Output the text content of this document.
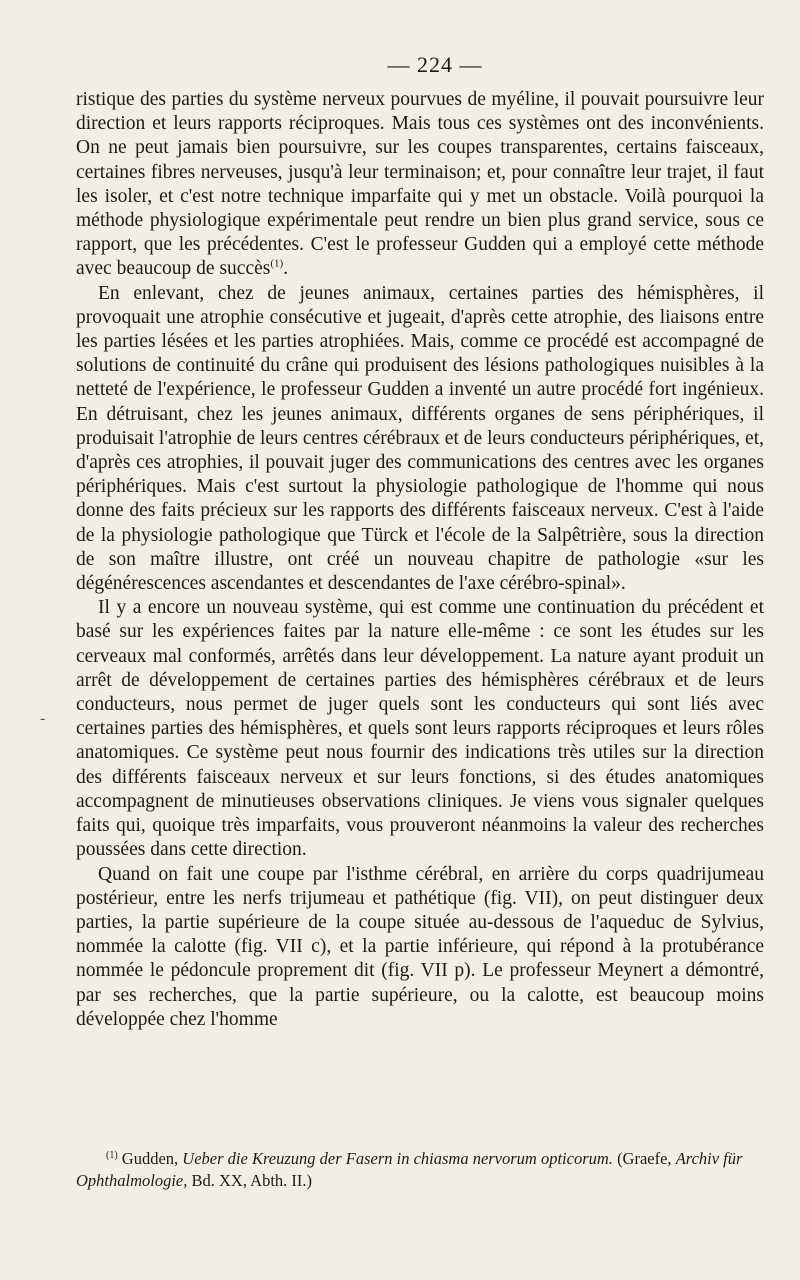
— 224 —

ristique des parties du système nerveux pourvues de myéline, il pouvait poursuivre leur direction et leurs rapports réciproques. Mais tous ces systèmes ont des inconvénients. On ne peut jamais bien poursuivre, sur les coupes transparentes, certains faisceaux, certaines fibres nerveuses, jusqu'à leur terminaison; et, pour connaître leur trajet, il faut les isoler, et c'est notre technique imparfaite qui y met un obstacle. Voilà pourquoi la méthode physiologique expérimentale peut rendre un bien plus grand service, sous ce rapport, que les précédentes. C'est le professeur Gudden qui a employé cette méthode avec beaucoup de succès$^{(1)}$.

En enlevant, chez de jeunes animaux, certaines parties des hémisphères, il provoquait une atrophie consécutive et jugeait, d'après cette atrophie, des liaisons entre les parties lésées et les parties atrophiées. Mais, comme ce procédé est accompagné de solutions de continuité du crâne qui produisent des lésions pathologiques nuisibles à la netteté de l'expérience, le professeur Gudden a inventé un autre procédé fort ingénieux. En détruisant, chez les jeunes animaux, différents organes de sens périphériques, il produisait l'atrophie de leurs centres cérébraux et de leurs conducteurs périphériques, et, d'après ces atrophies, il pouvait juger des communications des centres avec les organes périphériques. Mais c'est surtout la physiologie pathologique de l'homme qui nous donne des faits précieux sur les rapports des différents faisceaux nerveux. C'est à l'aide de la physiologie pathologique que Türck et l'école de la Salpêtrière, sous la direction de son maître illustre, ont créé un nouveau chapitre de pathologie «sur les dégénérescences ascendantes et descendantes de l'axe cérébro-spinal».

Il y a encore un nouveau système, qui est comme une continuation du précédent et basé sur les expériences faites par la nature elle-même : ce sont les études sur les cerveaux mal conformés, arrêtés dans leur développement. La nature ayant produit un arrêt de développement de certaines parties des hémisphères cérébraux et de leurs conducteurs, nous permet de juger quels sont les conducteurs qui sont liés avec certaines parties des hémisphères, et quels sont leurs rapports réciproques et leurs rôles anatomiques. Ce système peut nous fournir des indications très utiles sur la direction des différents faisceaux nerveux et sur leurs fonctions, si des études anatomiques accompagnent de minutieuses observations cliniques. Je viens vous signaler quelques faits qui, quoique très imparfaits, vous prouveront néanmoins la valeur des recherches poussées dans cette direction.

Quand on fait une coupe par l'isthme cérébral, en arrière du corps quadrijumeau postérieur, entre les nerfs trijumeau et pathétique (fig. VII), on peut distinguer deux parties, la partie supérieure de la coupe située au-dessous de l'aqueduc de Sylvius, nommée la calotte (fig. VII c), et la partie inférieure, qui répond à la protubérance nommée le pédoncule proprement dit (fig. VII p). Le professeur Meynert a démontré, par ses recherches, que la partie supérieure, ou la calotte, est beaucoup moins développée chez l'homme

-
$^{(1)}$ Gudden, Ueber die Kreuzung der Fasern in chiasma nervorum opticorum. (Graefe, Archiv für Ophthalmologie, Bd. XX, Abth. II.)
